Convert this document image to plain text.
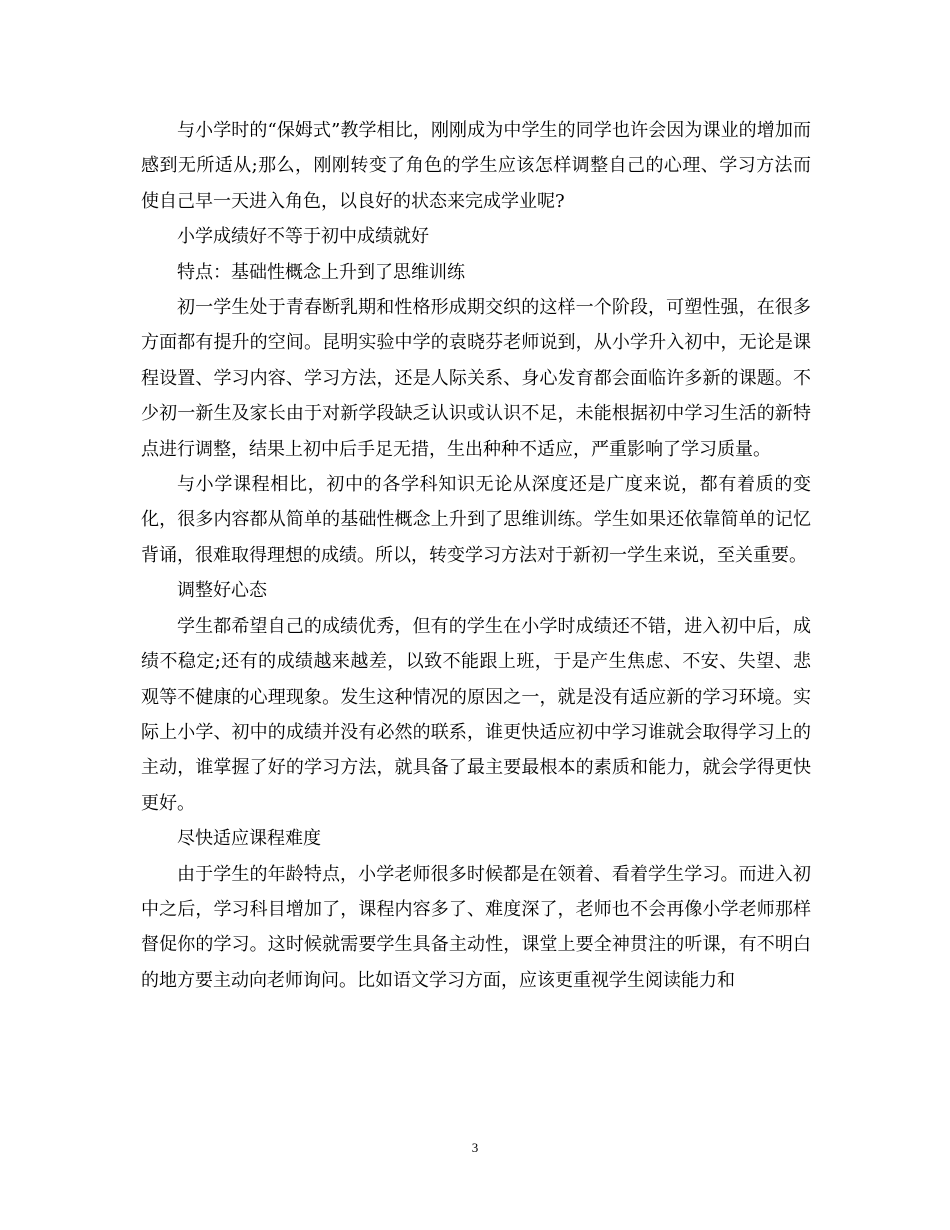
与小学时的“保姆式”教学相比，刚刚成为中学生的同学也许会因为课业的增加而感到无所适从;那么，刚刚转变了角色的学生应该怎样调整自己的心理、学习方法而使自己早一天进入角色，以良好的状态来完成学业呢?

小学成绩好不等于初中成绩就好

特点：基础性概念上升到了思维训练

初一学生处于青春断乳期和性格形成期交织的这样一个阶段，可塑性强，在很多方面都有提升的空间。昆明实验中学的袁晓芬老师说到，从小学升入初中，无论是课程设置、学习内容、学习方法，还是人际关系、身心发育都会面临许多新的课题。不少初一新生及家长由于对新学段缺乏认识或认识不足，未能根据初中学习生活的新特点进行调整，结果上初中后手足无措，生出种种不适应，严重影响了学习质量。

与小学课程相比，初中的各学科知识无论从深度还是广度来说，都有着质的变化，很多内容都从简单的基础性概念上升到了思维训练。学生如果还依靠简单的记忆背诵，很难取得理想的成绩。所以，转变学习方法对于新初一学生来说，至关重要。

调整好心态

学生都希望自己的成绩优秀，但有的学生在小学时成绩还不错，进入初中后，成绩不稳定;还有的成绩越来越差，以致不能跟上班，于是产生焦虑、不安、失望、悲观等不健康的心理现象。发生这种情况的原因之一，就是没有适应新的学习环境。实际上小学、初中的成绩并没有必然的联系，谁更快适应初中学习谁就会取得学习上的主动，谁掌握了好的学习方法，就具备了最主要最根本的素质和能力，就会学得更快更好。

尽快适应课程难度

由于学生的年龄特点，小学老师很多时候都是在领着、看着学生学习。而进入初中之后，学习科目增加了，课程内容多了、难度深了，老师也不会再像小学老师那样督促你的学习。这时候就需要学生具备主动性，课堂上要全神贯注的听课，有不明白的地方要主动向老师询问。比如语文学习方面，应该更重视学生阅读能力和

3
